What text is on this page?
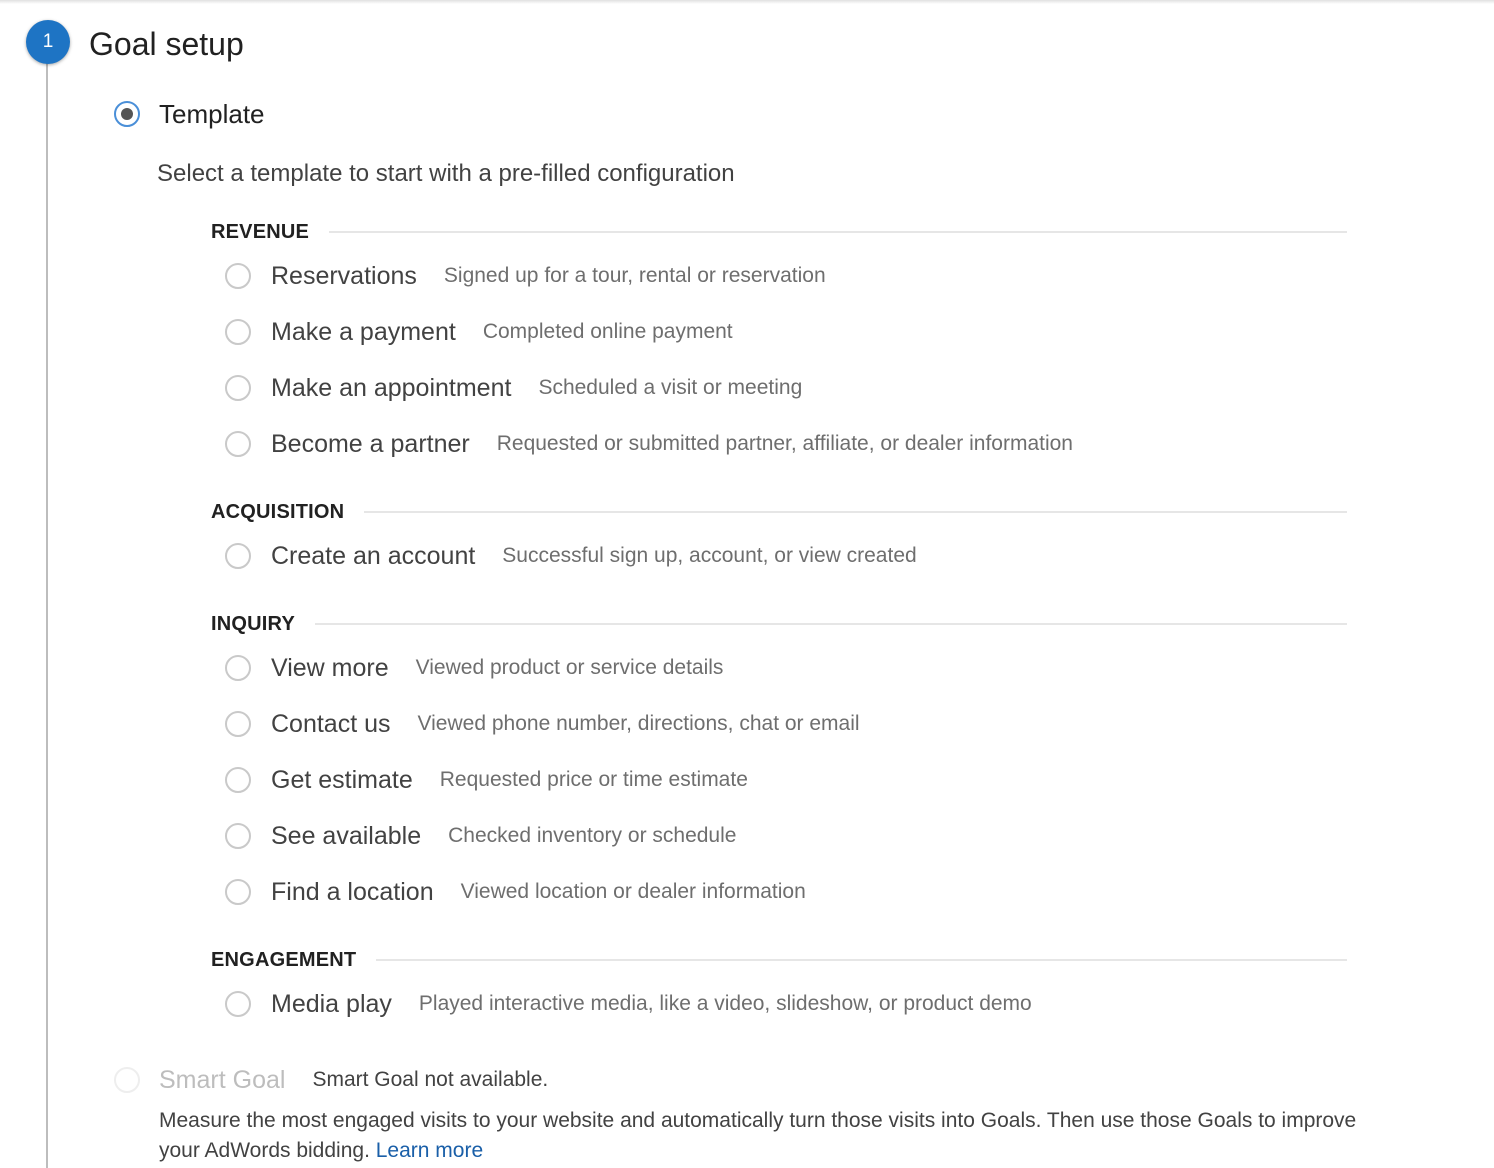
1	Goal setup
Template
Select a template to start with a pre-filled configuration
REVENUE
Reservations Signed up for a tour, rental or reservation
Make a payment Completed online payment
Make an appointment Scheduled a visit or meeting
Become a partner Requested or submitted partner, affiliate, or dealer information
ACQUISITION
Create an account Successful sign up, account, or view created
INQUIRY
View more Viewed product or service details
Contact us Viewed phone number, directions, chat or email
Get estimate Requested price or time estimate
See available Checked inventory or schedule
Find a location Viewed location or dealer information
ENGAGEMENT
Media play Played interactive media, like a video, slideshow, or product demo
Smart Goal Smart Goal not available.
Measure the most engaged visits to your website and automatically turn those visits into Goals. Then use those Goals to improve your AdWords bidding. Learn more
